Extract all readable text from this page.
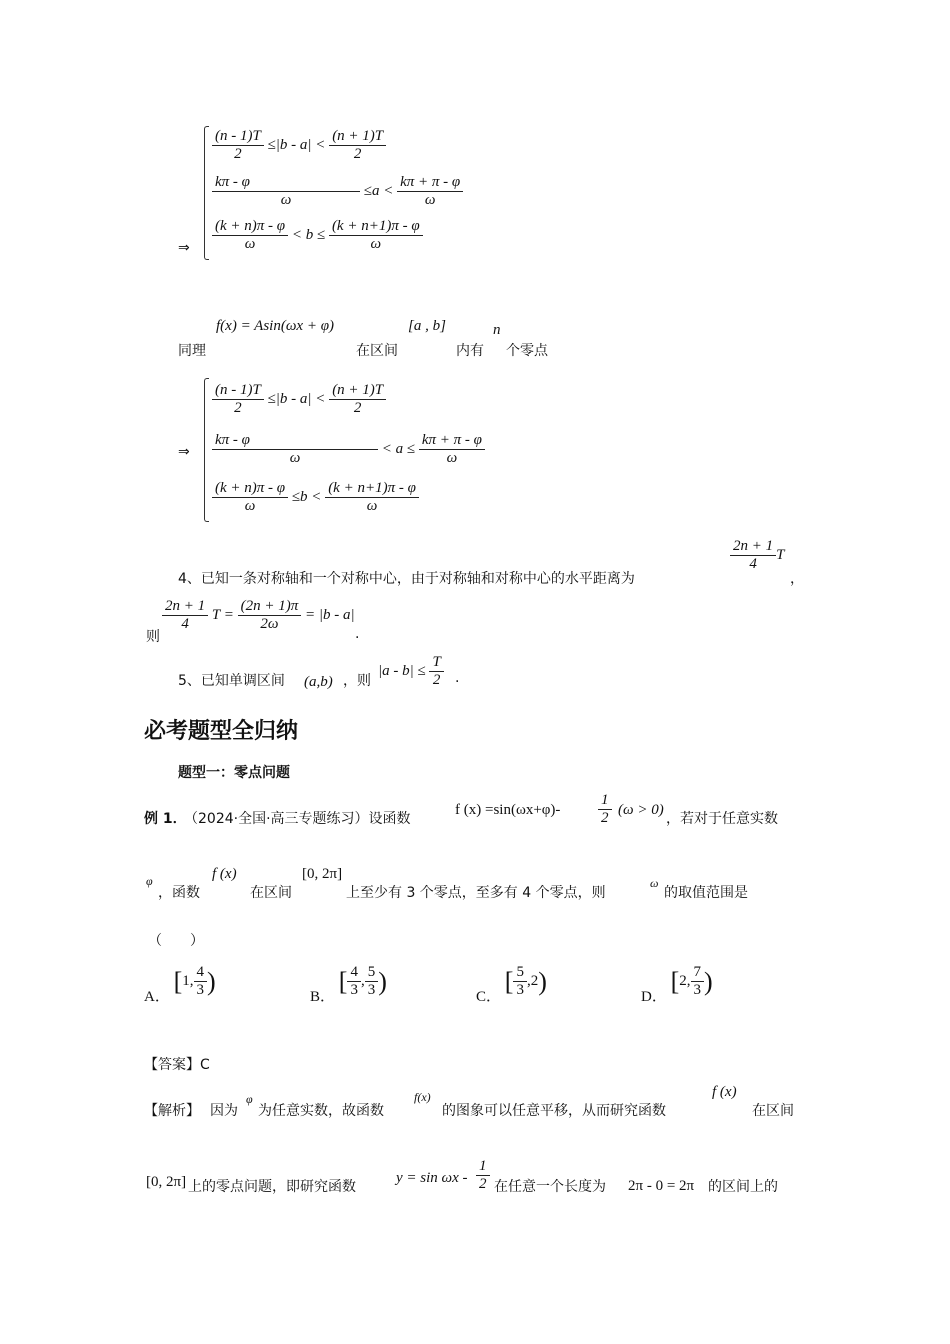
⇒
$\frac{(n - 1)T}{2} \le|b - a| < \frac{(n + 1)T}{2}$
$\frac{k\pi - \varphi}{\omega} \le a < \frac{k\pi + \pi - \varphi}{\omega}$
$\frac{(k + n)\pi - \varphi}{\omega} < b \le \frac{(k + n+1)\pi - \varphi}{\omega}$
同理
f(x) = Asin(ωx + φ)
在区间
[a , b]
内有
n
个零点
⇒
$\frac{(n - 1)T}{2} \le|b - a| < \frac{(n + 1)T}{2}$
$\frac{k\pi - \varphi}{\omega} < a \le \frac{k\pi + \pi - \varphi}{\omega}$
$\frac{(k + n)\pi - \varphi}{\omega} \le b < \frac{(k + n+1)\pi - \varphi}{\omega}$
4、已知一条对称轴和一个对称中心，由于对称轴和对称中心的水平距离为
$\frac{2n + 1}{4}$ T
，
则
$\frac{2n + 1}{4}$ $T = \frac{(2n + 1)\pi}{2\omega} = |b - a|$
.
5、已知单调区间 (a,b) ，则
$|a - b| \le \frac{T}{2}$ .
必考题型全归纳
题型一：零点问题
例 1．
（2024·全国·高三专题练习）设函数
f (x) =sin(ωx+φ)-	$\frac{1}{2} (\omega > 0)$
，若对于任意实数
φ
，函数
f (x)
在区间
[0, 2π]
上至少有 3 个零点，至多有 4 个零点，则
ω
的取值范围是
（　　）
A． [1, $\frac{4}{3}$ )
B． [ $\frac{4}{3}$ , $\frac{5}{3}$ )
C． [ $\frac{5}{3} ,2$)
D． [2, $\frac{7}{3}$ )
【答案】C
【解析】 因为
φ
为任意实数，故函数
f(x)
的图象可以任意平移，从而研究函数
f (x)
在区间
[0, 2π] 上的零点问题，即研究函数
$y = \sin \omega x - \frac{1}{2}$ 在任意一个长度为 2π - 0 = 2π 的区间上的
